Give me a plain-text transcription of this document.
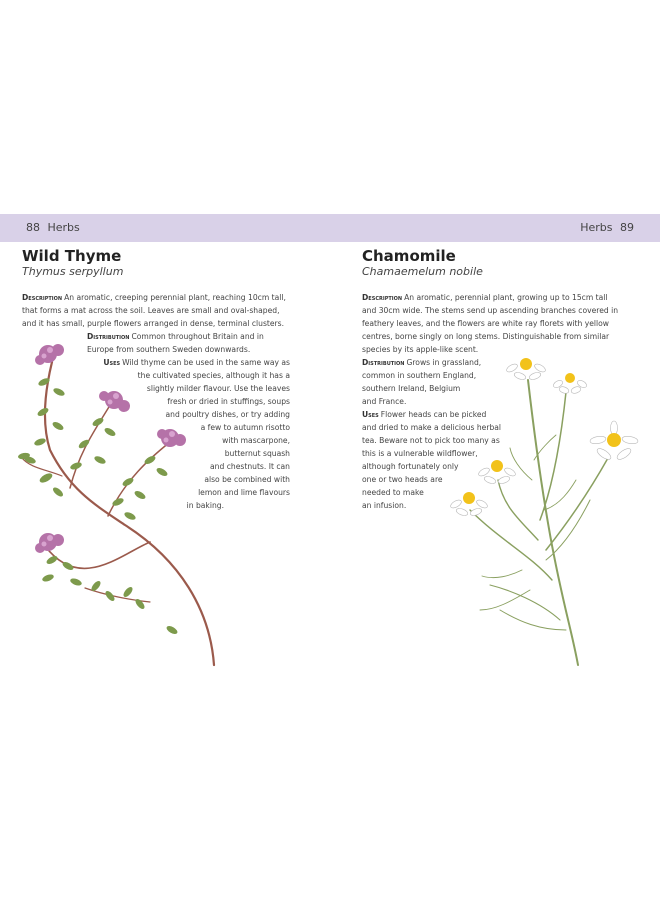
88 Herbs	Herbs 89
Wild Thyme
Thymus serpyllum
Chamomile
Chamaemelum nobile
Description An aromatic, creeping perennial plant, reaching 10cm tall,
that forms a mat across the soil. Leaves are small and oval-shaped,
and it has small, purple flowers arranged in dense, terminal clusters.
Distribution Common throughout Britain and in
Europe from southern Sweden downwards.
Uses Wild thyme can be used in the same way as
the cultivated species, although it has a
slightly milder flavour. Use the leaves
fresh or dried in stuffings, soups
and poultry dishes, or try adding
a few to autumn risotto
with mascarpone,
butternut squash
and chestnuts. It can
also be combined with
lemon and lime flavours
in baking.
Description An aromatic, perennial plant, growing up to 15cm tall
and 30cm wide. The stems send up ascending branches covered in
feathery leaves, and the flowers are white ray florets with yellow
centres, borne singly on long stems. Distinguishable from similar
species by its apple-like scent.
Distribution Grows in grassland,
common in southern England,
southern Ireland, Belgium
and France.
Uses Flower heads can be picked
and dried to make a delicious herbal
tea. Beware not to pick too many as
this is a vulnerable wildflower,
although fortunately only
one or two heads are
needed to make
an infusion.
